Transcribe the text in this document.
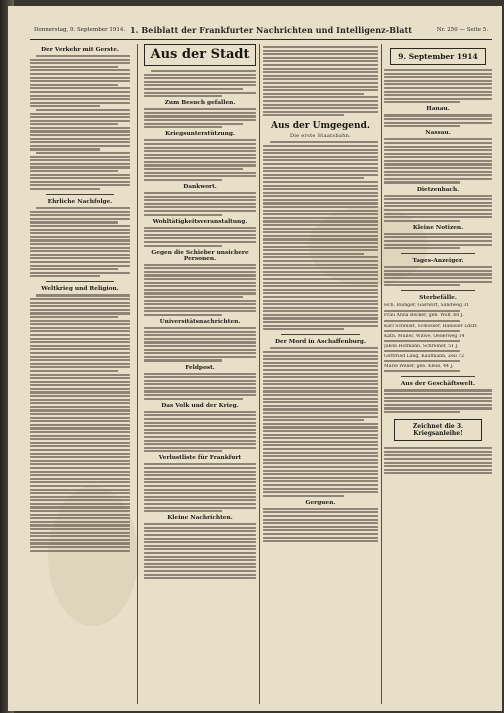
Donnerstag, 9. September 1914. 1. Beiblatt der Frankfurter Nachrichten und Intelligenz-Blatt	Nr. 250 — Seite 5.
Der Verkehr mit Gerste.
Ehrliche Nachfolge.
Weltkrieg und Religion.
Aus der Stadt
Zum Besuch gefallen.
Kriegsunterstützung.
Dankwort.
Wohltätigkeitsveranstaltung.
Gegen die Schieber unsichere Personen.
Universitätsnachrichten.
Feldpost.
Das Volk und der Krieg.
Verlustliste für Frankfurt
Kleine Nachrichten.
Aus der Umgegend.
Die erste Staatsbahn.
Der Mord in Aschaffenburg.
Gerguen.
9. September 1914
Hanau.
Nassau.
Dietzenbach.
Kleine Notizen.
Tages-Anzeiger.
Sterbefälle.
Hch. Rüdiger, Gastwirt, Sandweg 31
Frau Anna Becker, geb. Wolf, 68 J.
Karl Schmidt, Schlosser, Hanauer Ldstr.
Kath. Müller, Witwe, Oederweg 14
Jakob Hofmann, Schreiner, 51 J.
Gottfried Lang, Kaufmann, Zeil 72
Marie Weber, geb. Klein, 44 J.
Aus der Geschäftswelt.
Zeichnet die 3. Kriegsanleihe!
